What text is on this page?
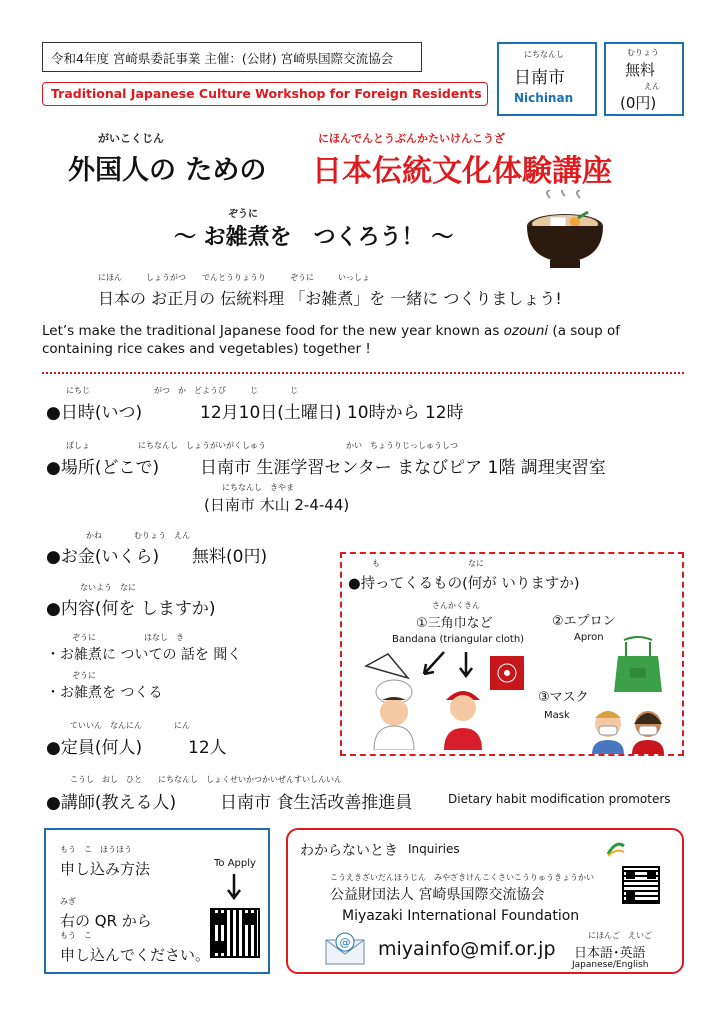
令和4年度 宮崎県委託事業 主催：(公財) 宮崎県国際交流協会
Traditional Japanese Culture Workshop for Foreign Residents
にちなんし
日南市
Nichinan
むりょう
無料
えん
(0円)
がいこくじん
外国人の ための
にほんでんとうぶんかたいけんこうざ
日本伝統文化体験講座
ぞうに
～ お雑煮を　つくろう！ ～
にほん　　　しょうがつ　　でんとうりょうり　　　ぞうに　　　いっしょ
日本の お正月の 伝統料理 「お雑煮」を 一緒に つくりましょう!
Let’s make the traditional Japanese food for the new year known as ozouni (a soup of containing rice cakes and vegetables) together !
にちじ　　　　　　　　がつ　か　どようび　　　じ　　　　じ
●日時(いつ)	12月10日(土曜日) 10時から 12時
ばしょ　　　　　　にちなんし　しょうがいがくしゅう　　　　　　　　　　かい　ちょうりじっしゅうしつ
●場所(どこで) 日南市 生涯学習センター まなびピア 1階 調理実習室
にちなんし　きやま
(日南市 木山 2-4-44)
かね　　　　むりょう　えん
●お金(いくら) 無料(0円)
ないよう　なに
●内容(何を しますか)
ぞうに　　　　　　はなし　き
・お雑煮に ついての 話を 聞く
ぞうに
・お雑煮を つくる
ていいん　なんにん　　　　にん
●定員(何人)	12人
こうし　おし　ひと　　にちなんし　しょくせいかつかいぜんすいしんいん
●講師(教える人)	日南市 食生活改善推進員	Dietary habit modification promoters
も　　　　　　　　　　　なに
●持ってくるもの(何が いりますか)
さんかくきん
①三角巾など
Bandana (triangular cloth)
②エプロン
Apron
③マスク
Mask
もう　こ　ほうほう
申し込み方法	To Apply
みぎ
右の QR から
もう　こ
申し込んでください。
わからないとき Inquiries
こうえきざいだんほうじん　みやざきけんこくさいこうりゅうきょうかい
公益財団法人 宮崎県国際交流協会
Miyazaki International Foundation
@ miyainfo@mif.or.jp
にほんご　えいご
日本語･英語
Japanese/English
